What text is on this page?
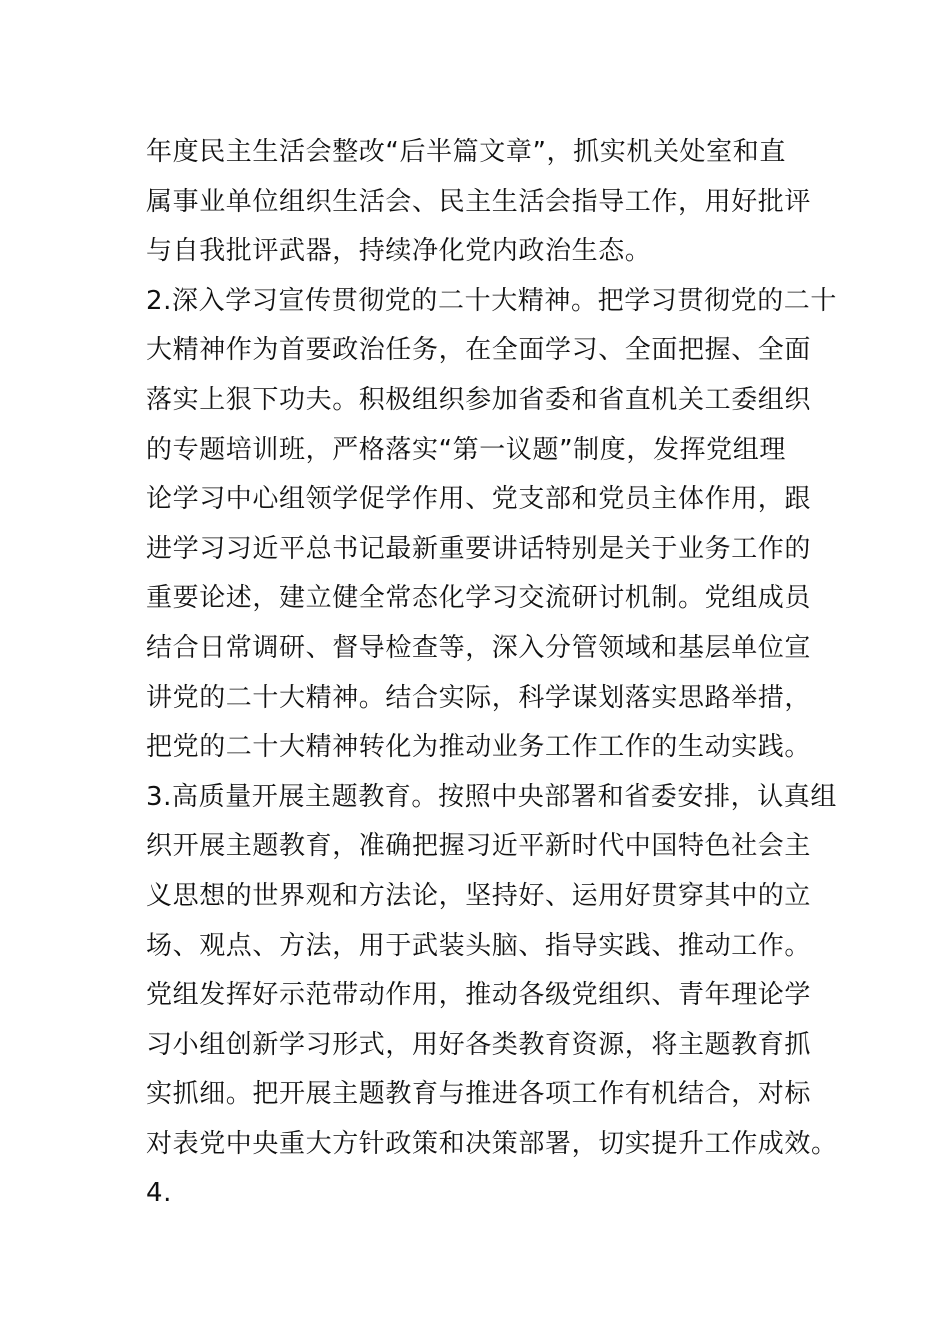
年度民主生活会整改“后半篇文章”，抓实机关处室和直
属事业单位组织生活会、民主生活会指导工作，用好批评
与自我批评武器，持续净化党内政治生态。
2.深入学习宣传贯彻党的二十大精神。把学习贯彻党的二十
大精神作为首要政治任务，在全面学习、全面把握、全面
落实上狠下功夫。积极组织参加省委和省直机关工委组织
的专题培训班，严格落实“第一议题”制度，发挥党组理
论学习中心组领学促学作用、党支部和党员主体作用，跟
进学习习近平总书记最新重要讲话特别是关于业务工作的
重要论述，建立健全常态化学习交流研讨机制。党组成员
结合日常调研、督导检查等，深入分管领域和基层单位宣
讲党的二十大精神。结合实际，科学谋划落实思路举措，
把党的二十大精神转化为推动业务工作工作的生动实践。
3.高质量开展主题教育。按照中央部署和省委安排，认真组
织开展主题教育，准确把握习近平新时代中国特色社会主
义思想的世界观和方法论，坚持好、运用好贯穿其中的立
场、观点、方法，用于武装头脑、指导实践、推动工作。
党组发挥好示范带动作用，推动各级党组织、青年理论学
习小组创新学习形式，用好各类教育资源，将主题教育抓
实抓细。把开展主题教育与推进各项工作有机结合，对标
对表党中央重大方针政策和决策部署，切实提升工作成效。
4.
